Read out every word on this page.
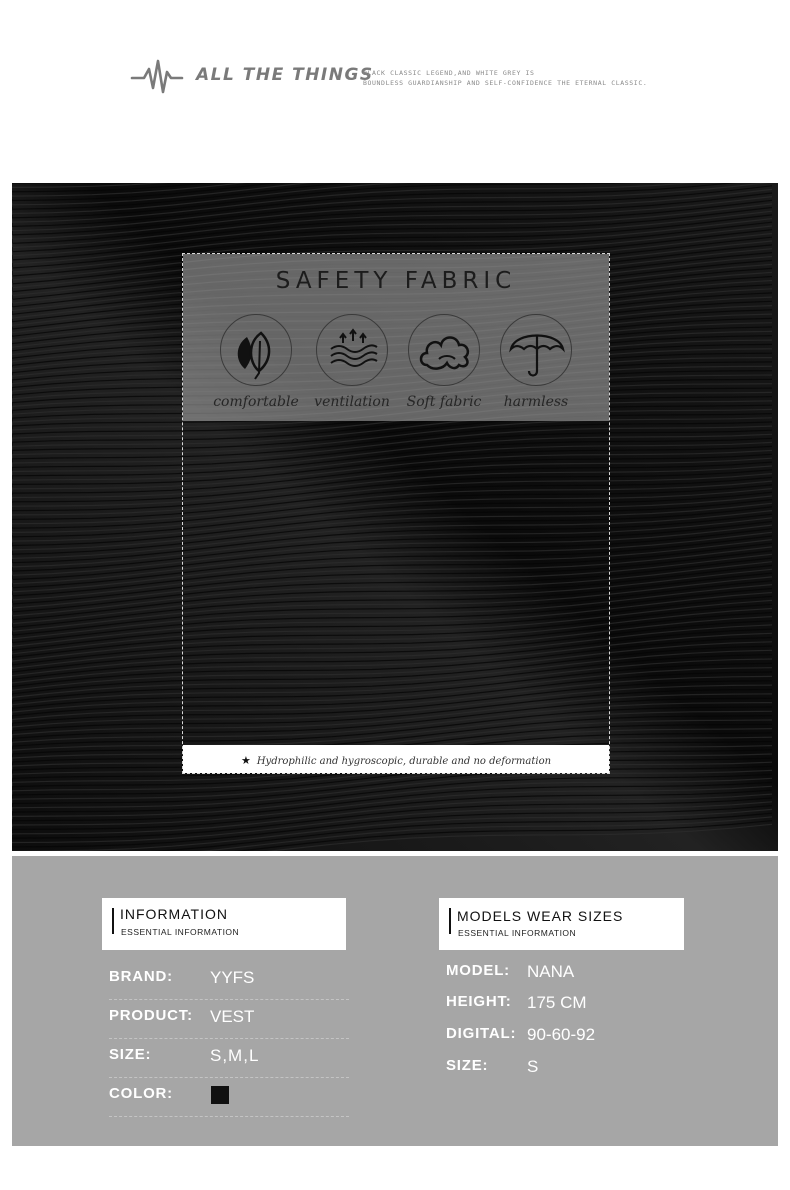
ALL THE THINGS
BLACK CLASSIC LEGEND,AND WHITE GREY IS
BOUNDLESS GUARDIANSHIP AND SELF-CONFIDENCE THE ETERNAL CLASSIC.
SAFETY FABRIC
comfortable	ventilation	Soft fabric	harmless
★ Hydrophilic and hygroscopic, durable and no deformation
INFORMATION
ESSENTIAL INFORMATION
BRAND: YYFS
PRODUCT: VEST
SIZE:	S,M,L
COLOR:
MODELS WEAR SIZES
ESSENTIAL INFORMATION
MODEL: NANA
HEIGHT: 175 CM
DIGITAL: 90-60-92
SIZE: S
